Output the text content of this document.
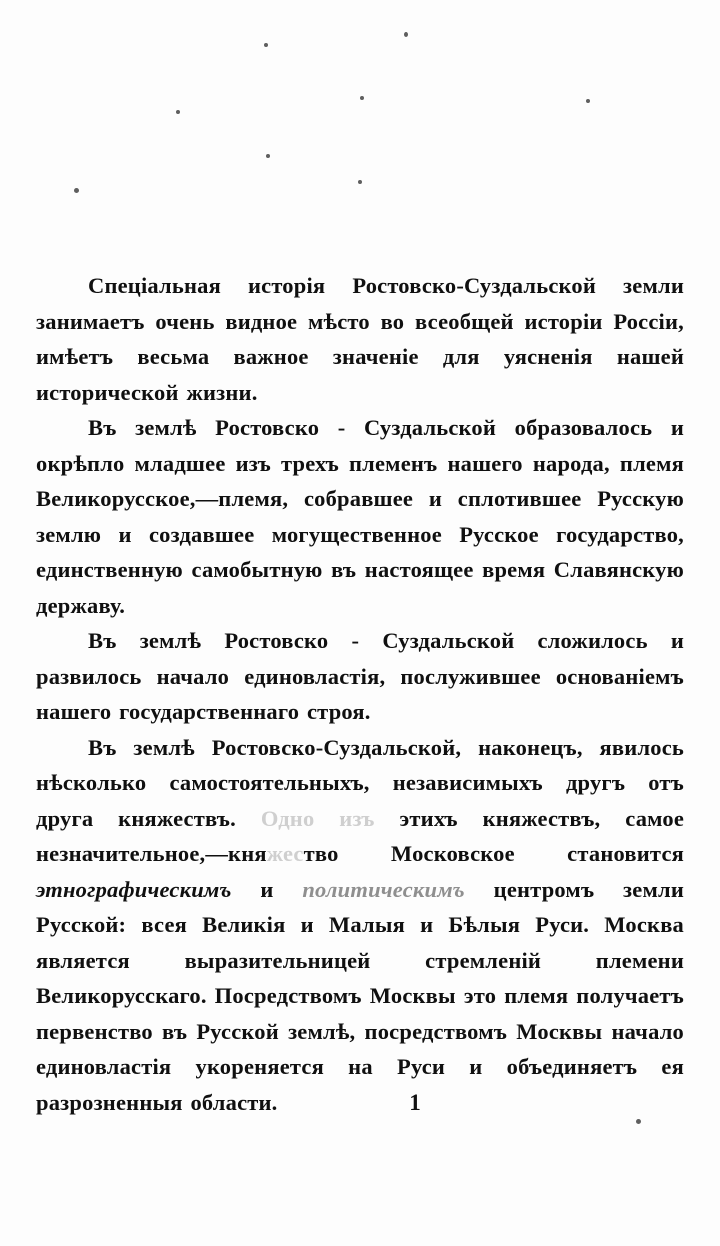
Спеціальная исторія Ростовско-Суздальской земли занимаетъ очень видное мѣсто во всеобщей исторіи Россіи, имѣетъ весьма важное значеніе для уясненія нашей исторической жизни.

Въ землѣ Ростовско - Суздальской образовалось и окрѣпло младшее изъ трехъ племенъ нашего народа, племя Великорусское,—племя, собравшее и сплотившее Русскую землю и создавшее могущественное Русское государство, единственную самобытную въ настоящее время Славянскую державу.

Въ землѣ Ростовско - Суздальской сложилось и развилось начало единовластія, послужившее основаніемъ нашего государственнаго строя.

Въ землѣ Ростовско-Суздальской, наконецъ, явилось нѣсколько самостоятельныхъ, независимыхъ другъ отъ друга княжествъ. Одно изъ этихъ княжествъ, самое незначительное,—княжество Московское становится этнографическимъ и политическимъ центромъ земли Русской: всея Великія и Малыя и Бѣлыя Руси. Москва является выразительницей стремленій племени Великорусскаго. Посредствомъ Москвы это племя получаетъ первенство въ Русской землѣ, посредствомъ Москвы начало единовластія укореняется на Руси и объединяетъ ея разрозненныя области.	1
